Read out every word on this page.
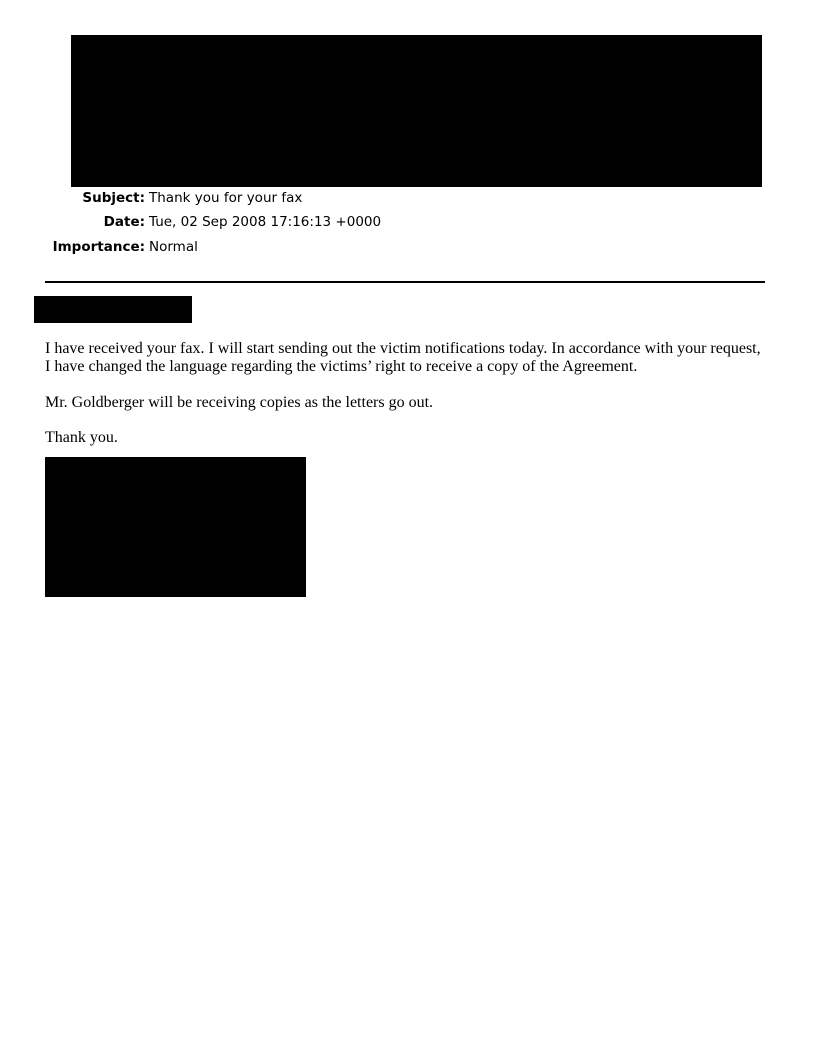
Subject: Thank you for your fax
Date: Tue, 02 Sep 2008 17:16:13 +0000
Importance: Normal
I have received your fax. I will start sending out the victim notifications today. In accordance with your request,
I have changed the language regarding the victims’ right to receive a copy of the Agreement.
Mr. Goldberger will be receiving copies as the letters go out.
Thank you.
